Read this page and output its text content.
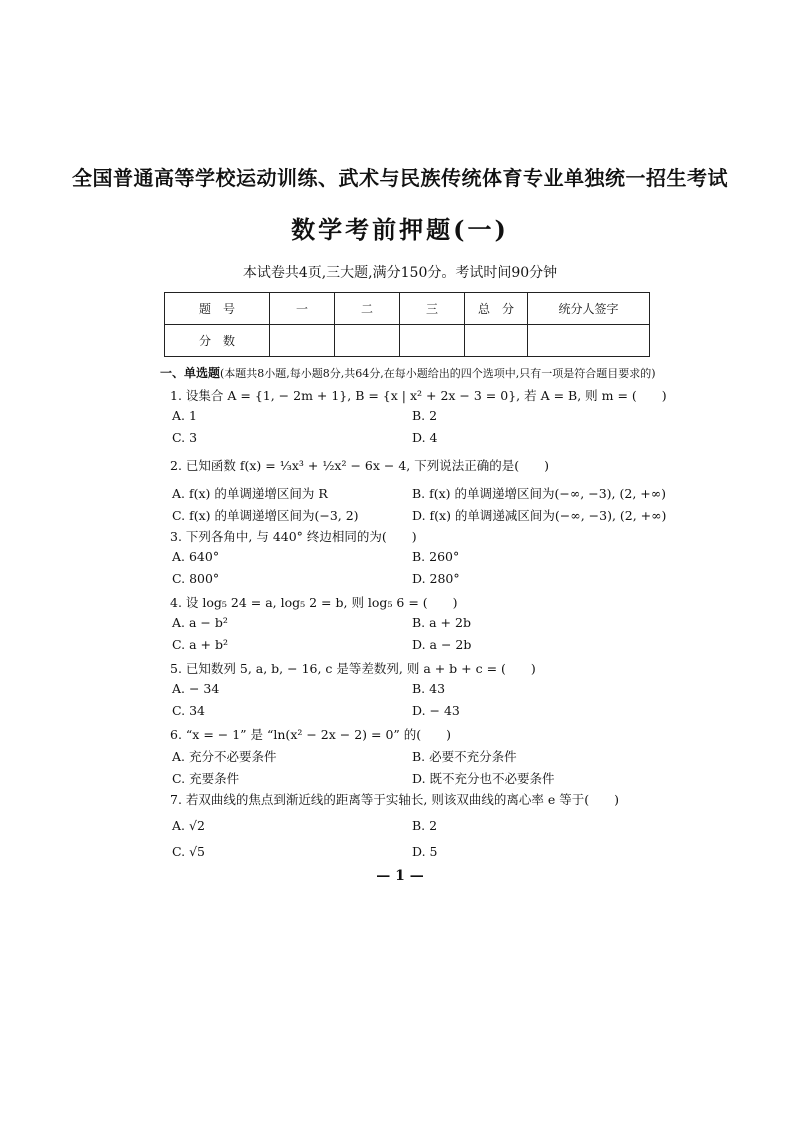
全国普通高等学校运动训练、武术与民族传统体育专业单独统一招生考试
数学考前押题(一)
本试卷共4页,三大题,满分150分。考试时间90分钟
题　号	一	二	三	总　分	统分人签字
分　数					
一、单选题(本题共8小题,每小题8分,共64分,在每小题给出的四个选项中,只有一项是符合题目要求的)
1. 设集合 A = {1, − 2m + 1}, B = {x | x² + 2x − 3 = 0}, 若 A = B, 则 m = (　　)
A. 1	B. 2
C. 3	D. 4
2. 已知函数 f(x) = ⅓x³ + ½x² − 6x − 4, 下列说法正确的是(　　)
A. f(x) 的单调递增区间为 R	B. f(x) 的单调递增区间为(−∞, −3), (2, +∞)
C. f(x) 的单调递增区间为(−3, 2)	D. f(x) 的单调递减区间为(−∞, −3), (2, +∞)
3. 下列各角中, 与 440° 终边相同的为(　　)
A. 640°	B. 260°
C. 800°	D. 280°
4. 设 log₅ 24 = a, log₅ 2 = b, 则 log₅ 6 = (　　)
A. a − b²	B. a + 2b
C. a + b²	D. a − 2b
5. 已知数列 5, a, b, − 16, c 是等差数列, 则 a + b + c = (　　)
A. − 34	B. 43
C. 34	D. − 43
6. “x = − 1” 是 “ln(x² − 2x − 2) = 0” 的(　　)
A. 充分不必要条件	B. 必要不充分条件
C. 充要条件	D. 既不充分也不必要条件
7. 若双曲线的焦点到渐近线的距离等于实轴长, 则该双曲线的离心率 e 等于(　　)
A. √2	B. 2
C. √5	D. 5
— 1 —
